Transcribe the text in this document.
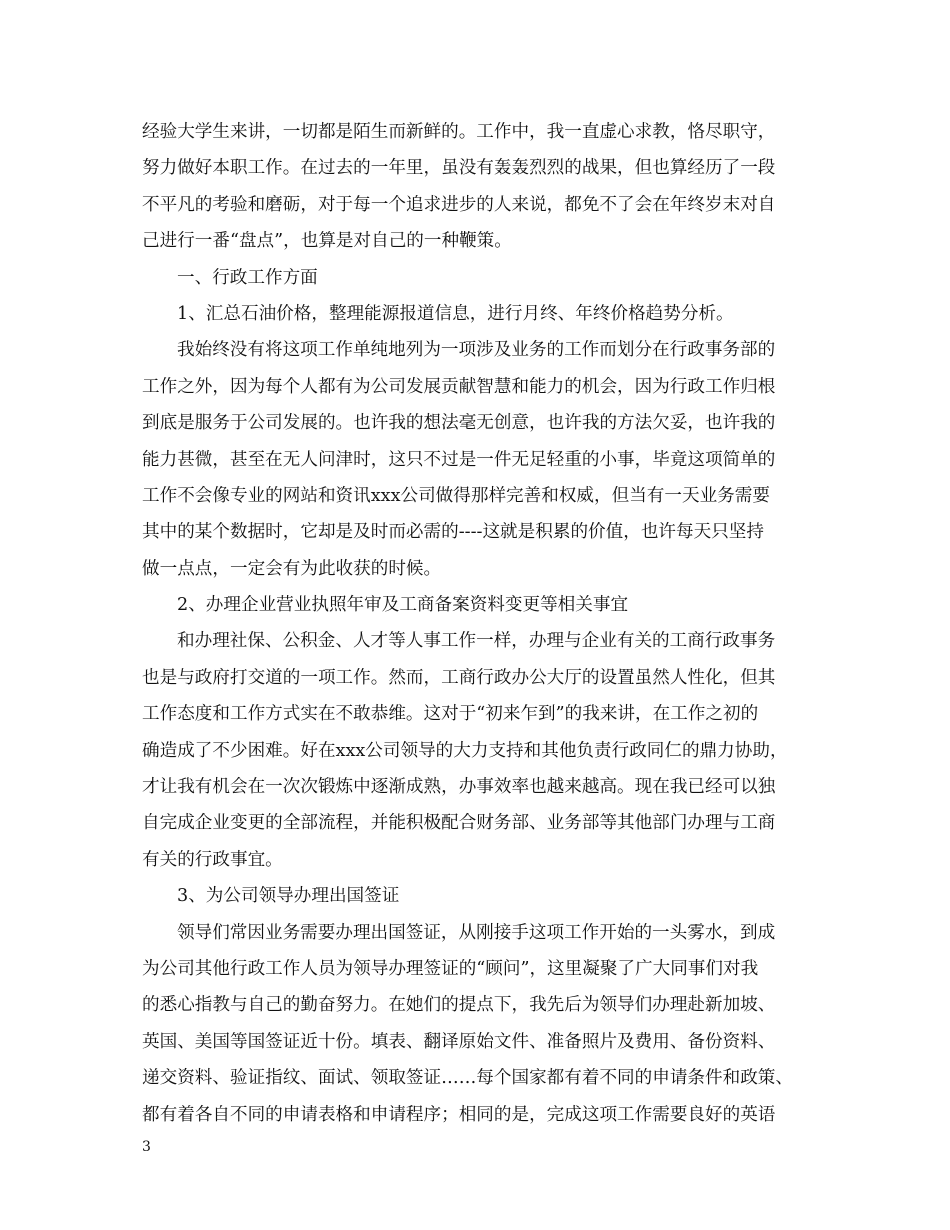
经验大学生来讲，一切都是陌生而新鲜的。工作中，我一直虚心求教，恪尽职守，
努力做好本职工作。在过去的一年里，虽没有轰轰烈烈的战果，但也算经历了一段
不平凡的考验和磨砺，对于每一个追求进步的人来说，都免不了会在年终岁末对自
己进行一番“盘点”，也算是对自己的一种鞭策。
一、行政工作方面
1、汇总石油价格，整理能源报道信息，进行月终、年终价格趋势分析。
我始终没有将这项工作单纯地列为一项涉及业务的工作而划分在行政事务部的
工作之外，因为每个人都有为公司发展贡献智慧和能力的机会，因为行政工作归根
到底是服务于公司发展的。也许我的想法毫无创意，也许我的方法欠妥，也许我的
能力甚微，甚至在无人问津时，这只不过是一件无足轻重的小事，毕竟这项简单的
工作不会像专业的网站和资讯xxx公司做得那样完善和权威，但当有一天业务需要
其中的某个数据时，它却是及时而必需的----这就是积累的价值，也许每天只坚持
做一点点，一定会有为此收获的时候。
2、办理企业营业执照年审及工商备案资料变更等相关事宜
和办理社保、公积金、人才等人事工作一样，办理与企业有关的工商行政事务
也是与政府打交道的一项工作。然而，工商行政办公大厅的设置虽然人性化，但其
工作态度和工作方式实在不敢恭维。这对于“初来乍到”的我来讲，在工作之初的
确造成了不少困难。好在xxx公司领导的大力支持和其他负责行政同仁的鼎力协助，
才让我有机会在一次次锻炼中逐渐成熟，办事效率也越来越高。现在我已经可以独
自完成企业变更的全部流程，并能积极配合财务部、业务部等其他部门办理与工商
有关的行政事宜。
3、为公司领导办理出国签证
领导们常因业务需要办理出国签证，从刚接手这项工作开始的一头雾水，到成
为公司其他行政工作人员为领导办理签证的“顾问”，这里凝聚了广大同事们对我
的悉心指教与自己的勤奋努力。在她们的提点下，我先后为领导们办理赴新加坡、
英国、美国等国签证近十份。填表、翻译原始文件、准备照片及费用、备份资料、
递交资料、验证指纹、面试、领取签证……每个国家都有着不同的申请条件和政策、
都有着各自不同的申请表格和申请程序；相同的是，完成这项工作需要良好的英语
3
